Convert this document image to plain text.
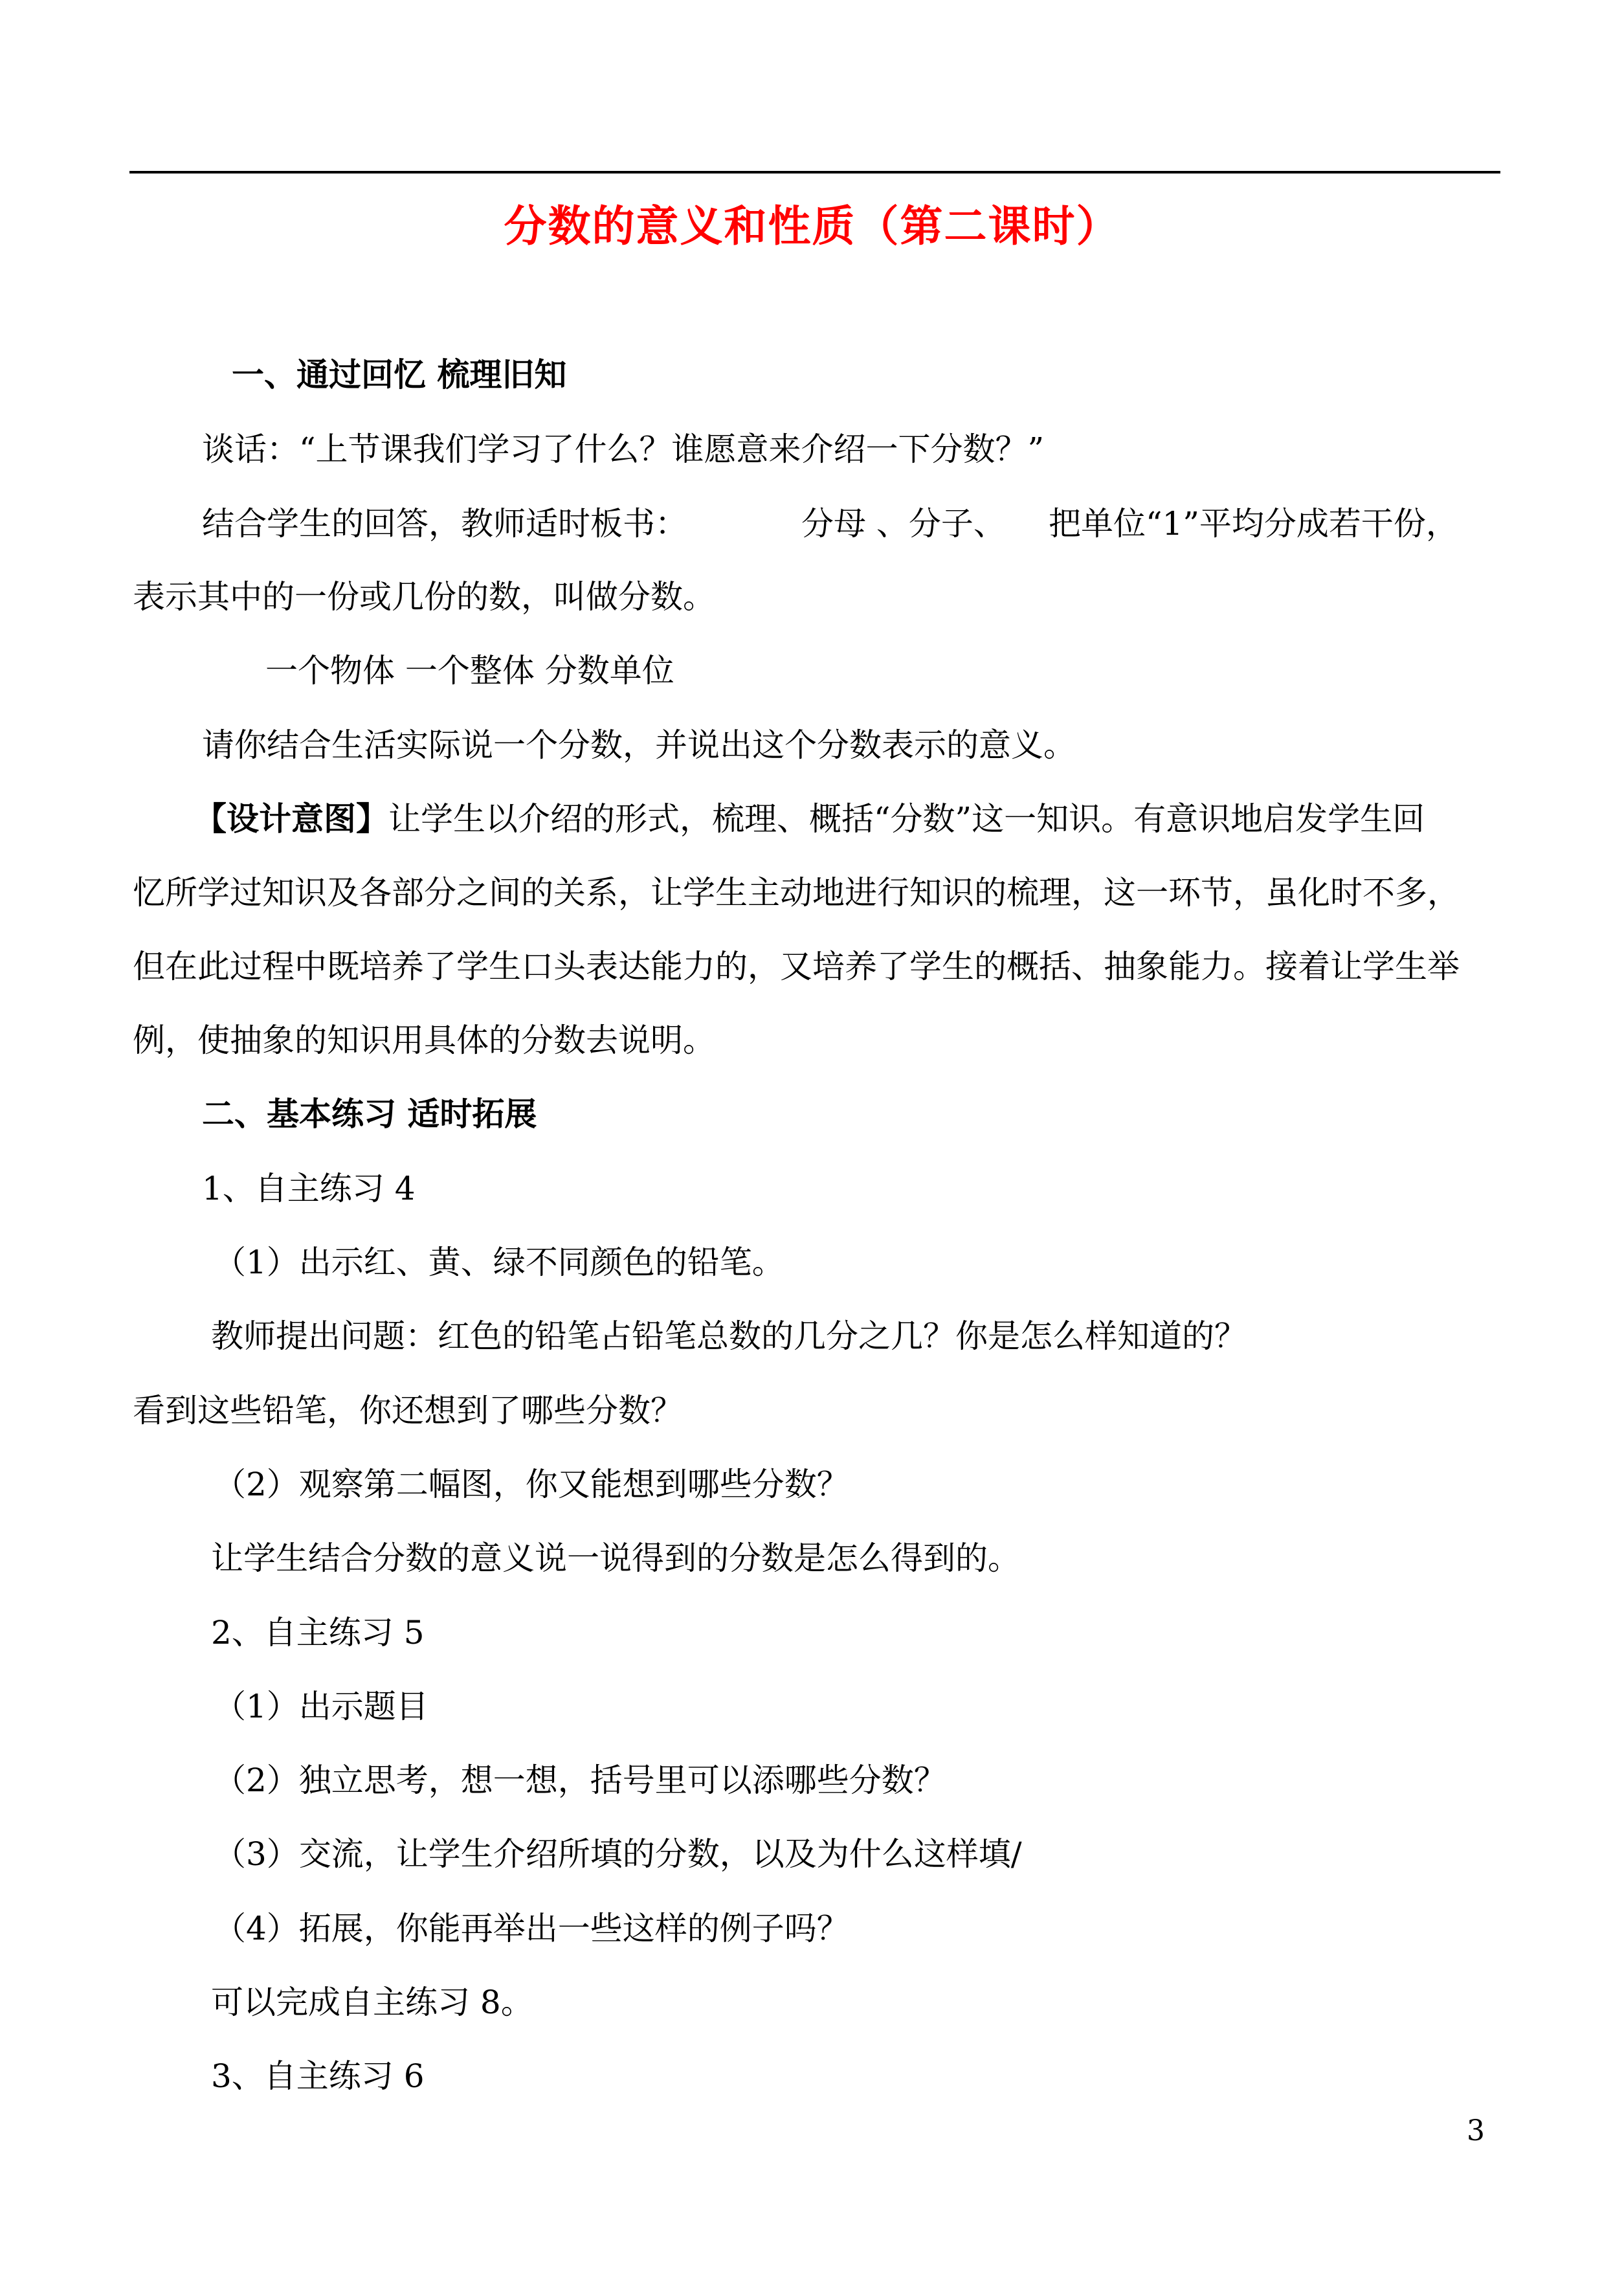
分数的意义和性质（第二课时）
一、通过回忆 梳理旧知
谈话：“上节课我们学习了什么？谁愿意来介绍一下分数？”
结合学生的回答，教师适时板书：	分母 、分子、 把单位“1”平均分成若干份，
表示其中的一份或几份的数，叫做分数。
一个物体 一个整体 分数单位
请你结合生活实际说一个分数，并说出这个分数表示的意义。
【设计意图】让学生以介绍的形式，梳理、概括“分数”这一知识。有意识地启发学生回
忆所学过知识及各部分之间的关系，让学生主动地进行知识的梳理，这一环节，虽化时不多，
但在此过程中既培养了学生口头表达能力的，又培养了学生的概括、抽象能力。接着让学生举
例，使抽象的知识用具体的分数去说明。
二、基本练习 适时拓展
1、自主练习 4
（1）出示红、黄、绿不同颜色的铅笔。
教师提出问题：红色的铅笔占铅笔总数的几分之几？你是怎么样知道的？
看到这些铅笔，你还想到了哪些分数？
（2）观察第二幅图，你又能想到哪些分数？
让学生结合分数的意义说一说得到的分数是怎么得到的。
2、自主练习 5
（1）出示题目
（2）独立思考，想一想，括号里可以添哪些分数？
（3）交流，让学生介绍所填的分数，以及为什么这样填/
（4）拓展，你能再举出一些这样的例子吗？
可以完成自主练习 8。
3、自主练习 6
3
